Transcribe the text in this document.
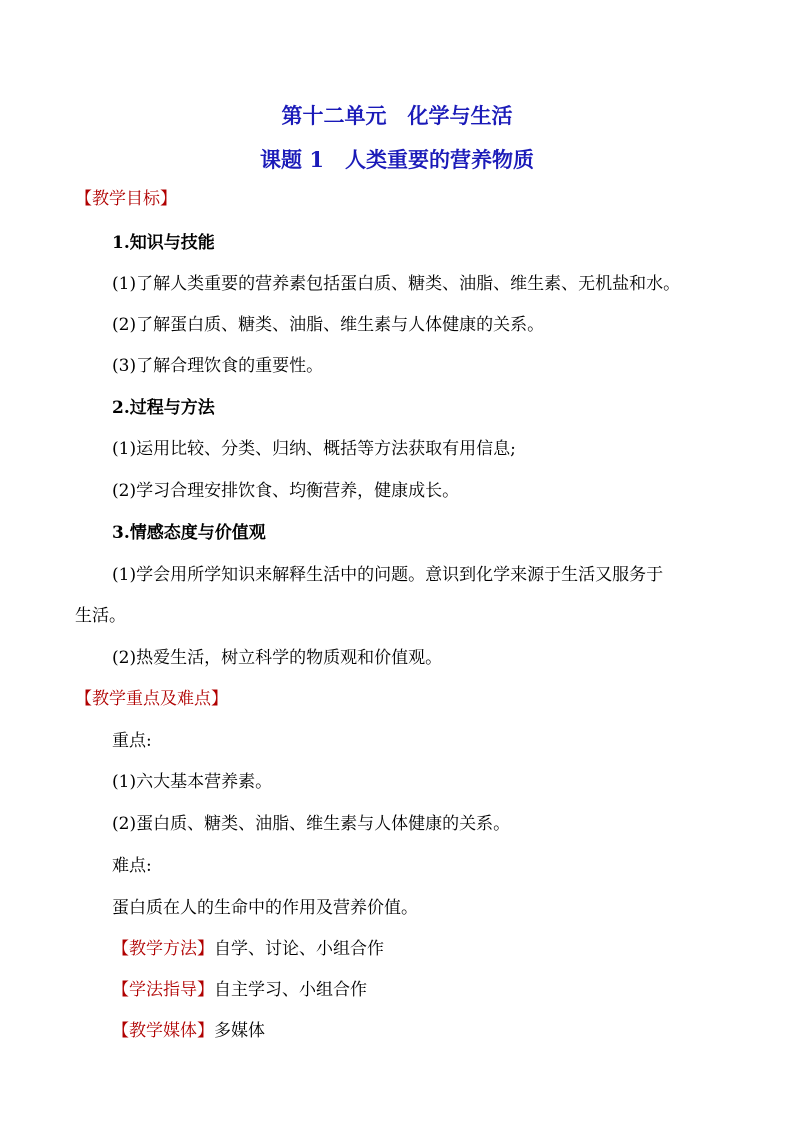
第十二单元　化学与生活
课题 1　人类重要的营养物质
【教学目标】
1.知识与技能
(1)了解人类重要的营养素包括蛋白质、糖类、油脂、维生素、无机盐和水。
(2)了解蛋白质、糖类、油脂、维生素与人体健康的关系。
(3)了解合理饮食的重要性。
2.过程与方法
(1)运用比较、分类、归纳、概括等方法获取有用信息;
(2)学习合理安排饮食、均衡营养，健康成长。
3.情感态度与价值观
(1)学会用所学知识来解释生活中的问题。意识到化学来源于生活又服务于
生活。
(2)热爱生活，树立科学的物质观和价值观。
【教学重点及难点】
重点:
(1)六大基本营养素。
(2)蛋白质、糖类、油脂、维生素与人体健康的关系。
难点:
蛋白质在人的生命中的作用及营养价值。
【教学方法】自学、讨论、小组合作
【学法指导】自主学习、小组合作
【教学媒体】多媒体
